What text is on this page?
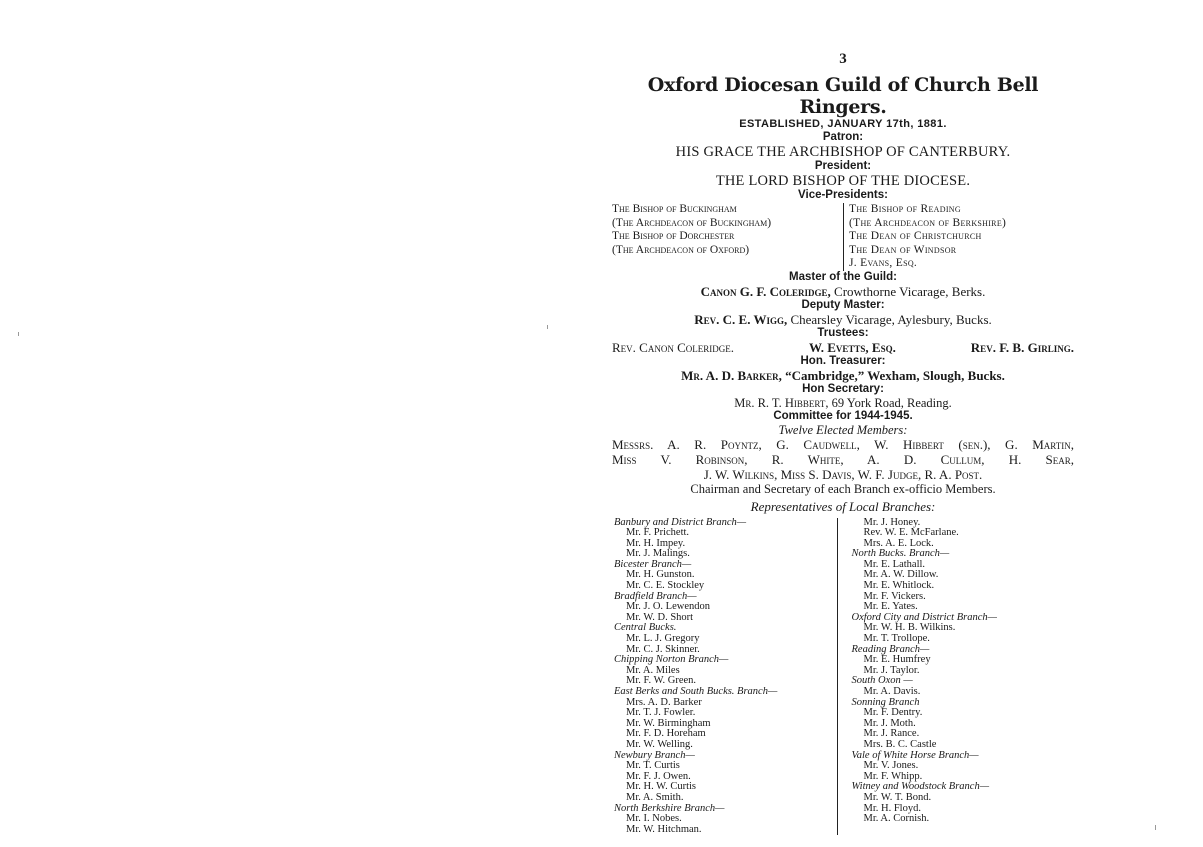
3
Oxford Diocesan Guild of Church Bell Ringers.
ESTABLISHED, JANUARY 17th, 1881.
Patron:
HIS GRACE THE ARCHBISHOP OF CANTERBURY.
President:
THE LORD BISHOP OF THE DIOCESE.
Vice-Presidents:
The Bishop of Buckingham
(The Archdeacon of Buckingham)
The Bishop of Dorchester
(The Archdeacon of Oxford)
The Bishop of Reading
(The Archdeacon of Berkshire)
The Dean of Christchurch
The Dean of Windsor
J. Evans, Esq.
Master of the Guild:
Canon G. F. Coleridge, Crowthorne Vicarage, Berks.
Deputy Master:
Rev. C. E. Wigg, Chearsley Vicarage, Aylesbury, Bucks.
Trustees:
Rev. Canon Coleridge.	W. Evetts, Esq.	Rev. F. B. Girling.
Hon. Treasurer:
Mr. A. D. Barker, “Cambridge,” Wexham, Slough, Bucks.
Hon Secretary:
Mr. R. T. Hibbert, 69 York Road, Reading.
Committee for 1944-1945.
Twelve Elected Members:
Messrs. A. R. Poyntz, G. Caudwell, W. Hibbert (sen.), G. Martin,
Miss V. Robinson, R. White, A. D. Cullum, H. Sear,
J. W. Wilkins, Miss S. Davis, W. F. Judge, R. A. Post.
Chairman and Secretary of each Branch ex-officio Members.
Representatives of Local Branches:
Banbury and District Branch—
Mr. F. Prichett.
Mr. H. Impey.
Mr. J. Malings.
Bicester Branch—
Mr. H. Gunston.
Mr. C. E. Stockley
Bradfield Branch—
Mr. J. O. Lewendon
Mr. W. D. Short
Central Bucks.
Mr. L. J. Gregory
Mr. C. J. Skinner.
Chipping Norton Branch—
Mr. A. Miles
Mr. F. W. Green.
East Berks and South Bucks. Branch—
Mrs. A. D. Barker
Mr. T. J. Fowler.
Mr. W. Birmingham
Mr. F. D. Horeham
Mr. W. Welling.
Newbury Branch—
Mr. T. Curtis
Mr. F. J. Owen.
Mr. H. W. Curtis
Mr. A. Smith.
North Berkshire Branch—
Mr. I. Nobes.
Mr. W. Hitchman.
Mr. J. Honey.
Rev. W. E. McFarlane.
Mrs. A. E. Lock.
North Bucks. Branch—
Mr. E. Lathall.
Mr. A. W. Dillow.
Mr. E. Whitlock.
Mr. F. Vickers.
Mr. E. Yates.
Oxford City and District Branch—
Mr. W. H. B. Wilkins.
Mr. T. Trollope.
Reading Branch—
Mr. E. Humfrey
Mr. J. Taylor.
South Oxon —
Mr. A. Davis.
Sonning Branch
Mr. F. Dentry.
Mr. J. Moth.
Mr. J. Rance.
Mrs. B. C. Castle
Vale of White Horse Branch—
Mr. V. Jones.
Mr. F. Whipp.
Witney and Woodstock Branch—
Mr. W. T. Bond.
Mr. H. Floyd.
Mr. A. Cornish.
